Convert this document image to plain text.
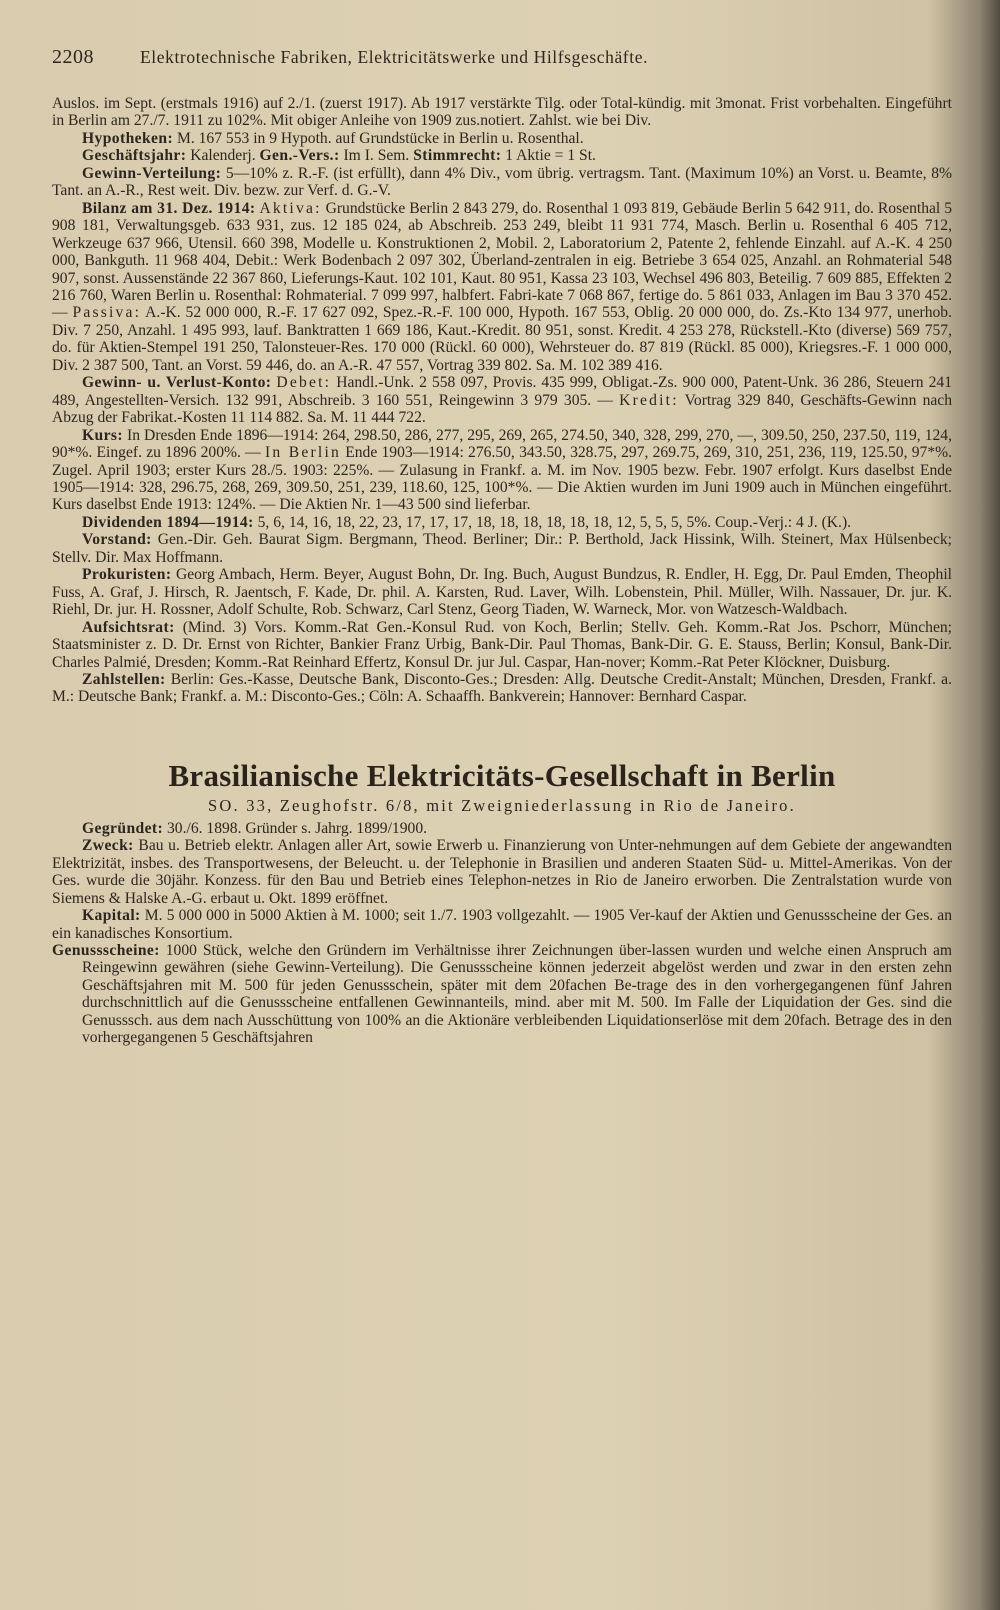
2208	Elektrotechnische Fabriken, Elektricitätswerke und Hilfsgeschäfte.

Auslos. im Sept. (erstmals 1916) auf 2./1. (zuerst 1917). Ab 1917 verstärkte Tilg. oder Total-kündig. mit 3monat. Frist vorbehalten. Eingeführt in Berlin am 27./7. 1911 zu 102%. Mit obiger Anleihe von 1909 zus.notiert. Zahlst. wie bei Div.

Hypotheken: M. 167 553 in 9 Hypoth. auf Grundstücke in Berlin u. Rosenthal.

Geschäftsjahr: Kalenderj. Gen.-Vers.: Im I. Sem. Stimmrecht: 1 Aktie = 1 St.

Gewinn-Verteilung: 5—10% z. R.-F. (ist erfüllt), dann 4% Div., vom übrig. vertragsm. Tant. (Maximum 10%) an Vorst. u. Beamte, 8% Tant. an A.-R., Rest weit. Div. bezw. zur Verf. d. G.-V.

Bilanz am 31. Dez. 1914: Aktiva: Grundstücke Berlin 2 843 279, do. Rosenthal 1 093 819, Gebäude Berlin 5 642 911, do. Rosenthal 5 908 181, Verwaltungsgeb. 633 931, zus. 12 185 024, ab Abschreib. 253 249, bleibt 11 931 774, Masch. Berlin u. Rosenthal 6 405 712, Werkzeuge 637 966, Utensil. 660 398, Modelle u. Konstruktionen 2, Mobil. 2, Laboratorium 2, Patente 2, fehlende Einzahl. auf A.-K. 4 250 000, Bankguth. 11 968 404, Debit.: Werk Bodenbach 2 097 302, Überland-zentralen in eig. Betriebe 3 654 025, Anzahl. an Rohmaterial 548 907, sonst. Aussenstände 22 367 860, Lieferungs-Kaut. 102 101, Kaut. 80 951, Kassa 23 103, Wechsel 496 803, Beteilig. 7 609 885, Effekten 2 216 760, Waren Berlin u. Rosenthal: Rohmaterial. 7 099 997, halbfert. Fabri-kate 7 068 867, fertige do. 5 861 033, Anlagen im Bau 3 370 452. — Passiva: A.-K. 52 000 000, R.-F. 17 627 092, Spez.-R.-F. 100 000, Hypoth. 167 553, Oblig. 20 000 000, do. Zs.-Kto 134 977, unerhob. Div. 7 250, Anzahl. 1 495 993, lauf. Banktratten 1 669 186, Kaut.-Kredit. 80 951, sonst. Kredit. 4 253 278, Rückstell.-Kto (diverse) 569 757, do. für Aktien-Stempel 191 250, Talonsteuer-Res. 170 000 (Rückl. 60 000), Wehrsteuer do. 87 819 (Rückl. 85 000), Kriegsres.-F. 1 000 000, Div. 2 387 500, Tant. an Vorst. 59 446, do. an A.-R. 47 557, Vortrag 339 802. Sa. M. 102 389 416.

Gewinn- u. Verlust-Konto: Debet: Handl.-Unk. 2 558 097, Provis. 435 999, Obligat.-Zs. 900 000, Patent-Unk. 36 286, Steuern 241 489, Angestellten-Versich. 132 991, Abschreib. 3 160 551, Reingewinn 3 979 305. — Kredit: Vortrag 329 840, Geschäfts-Gewinn nach Abzug der Fabrikat.-Kosten 11 114 882. Sa. M. 11 444 722.

Kurs: In Dresden Ende 1896—1914: 264, 298.50, 286, 277, 295, 269, 265, 274.50, 340, 328, 299, 270, —, 309.50, 250, 237.50, 119, 124, 90*%. Eingef. zu 1896 200%. — In Berlin Ende 1903—1914: 276.50, 343.50, 328.75, 297, 269.75, 269, 310, 251, 236, 119, 125.50, 97*%. Zugel. April 1903; erster Kurs 28./5. 1903: 225%. — Zulasung in Frankf. a. M. im Nov. 1905 bezw. Febr. 1907 erfolgt. Kurs daselbst Ende 1905—1914: 328, 296.75, 268, 269, 309.50, 251, 239, 118.60, 125, 100*%. — Die Aktien wurden im Juni 1909 auch in München eingeführt. Kurs daselbst Ende 1913: 124%. — Die Aktien Nr. 1—43 500 sind lieferbar.

Dividenden 1894—1914: 5, 6, 14, 16, 18, 22, 23, 17, 17, 17, 18, 18, 18, 18, 18, 18, 12, 5, 5, 5, 5%. Coup.-Verj.: 4 J. (K.).

Vorstand: Gen.-Dir. Geh. Baurat Sigm. Bergmann, Theod. Berliner; Dir.: P. Berthold, Jack Hissink, Wilh. Steinert, Max Hülsenbeck; Stellv. Dir. Max Hoffmann.

Prokuristen: Georg Ambach, Herm. Beyer, August Bohn, Dr. Ing. Buch, August Bundzus, R. Endler, H. Egg, Dr. Paul Emden, Theophil Fuss, A. Graf, J. Hirsch, R. Jaentsch, F. Kade, Dr. phil. A. Karsten, Rud. Laver, Wilh. Lobenstein, Phil. Müller, Wilh. Nassauer, Dr. jur. K. Riehl, Dr. jur. H. Rossner, Adolf Schulte, Rob. Schwarz, Carl Stenz, Georg Tiaden, W. Warneck, Mor. von Watzesch-Waldbach.

Aufsichtsrat: (Mind. 3) Vors. Komm.-Rat Gen.-Konsul Rud. von Koch, Berlin; Stellv. Geh. Komm.-Rat Jos. Pschorr, München; Staatsminister z. D. Dr. Ernst von Richter, Bankier Franz Urbig, Bank-Dir. Paul Thomas, Bank-Dir. G. E. Stauss, Berlin; Konsul, Bank-Dir. Charles Palmié, Dresden; Komm.-Rat Reinhard Effertz, Konsul Dr. jur Jul. Caspar, Han-nover; Komm.-Rat Peter Klöckner, Duisburg.

Zahlstellen: Berlin: Ges.-Kasse, Deutsche Bank, Disconto-Ges.; Dresden: Allg. Deutsche Credit-Anstalt; München, Dresden, Frankf. a. M.: Deutsche Bank; Frankf. a. M.: Disconto-Ges.; Cöln: A. Schaaffh. Bankverein; Hannover: Bernhard Caspar.

Brasilianische Elektricitäts-Gesellschaft in Berlin

SO. 33, Zeughofstr. 6/8, mit Zweigniederlassung in Rio de Janeiro.

Gegründet: 30./6. 1898. Gründer s. Jahrg. 1899/1900.

Zweck: Bau u. Betrieb elektr. Anlagen aller Art, sowie Erwerb u. Finanzierung von Unter-nehmungen auf dem Gebiete der angewandten Elektrizität, insbes. des Transportwesens, der Beleucht. u. der Telephonie in Brasilien und anderen Staaten Süd- u. Mittel-Amerikas. Von der Ges. wurde die 30jähr. Konzess. für den Bau und Betrieb eines Telephon-netzes in Rio de Janeiro erworben. Die Zentralstation wurde von Siemens & Halske A.-G. erbaut u. Okt. 1899 eröffnet.

Kapital: M. 5 000 000 in 5000 Aktien à M. 1000; seit 1./7. 1903 vollgezahlt. — 1905 Ver-kauf der Aktien und Genussscheine der Ges. an ein kanadisches Konsortium.

Genussscheine: 1000 Stück, welche den Gründern im Verhältnisse ihrer Zeichnungen über-lassen wurden und welche einen Anspruch am Reingewinn gewähren (siehe Gewinn-Verteilung). Die Genussscheine können jederzeit abgelöst werden und zwar in den ersten zehn Geschäftsjahren mit M. 500 für jeden Genussschein, später mit dem 20fachen Be-trage des in den vorhergegangenen fünf Jahren durchschnittlich auf die Genussscheine entfallenen Gewinnanteils, mind. aber mit M. 500. Im Falle der Liquidation der Ges. sind die Genusssch. aus dem nach Ausschüttung von 100% an die Aktionäre verbleibenden Liquidationserlöse mit dem 20fach. Betrage des in den vorhergegangenen 5 Geschäftsjahren
